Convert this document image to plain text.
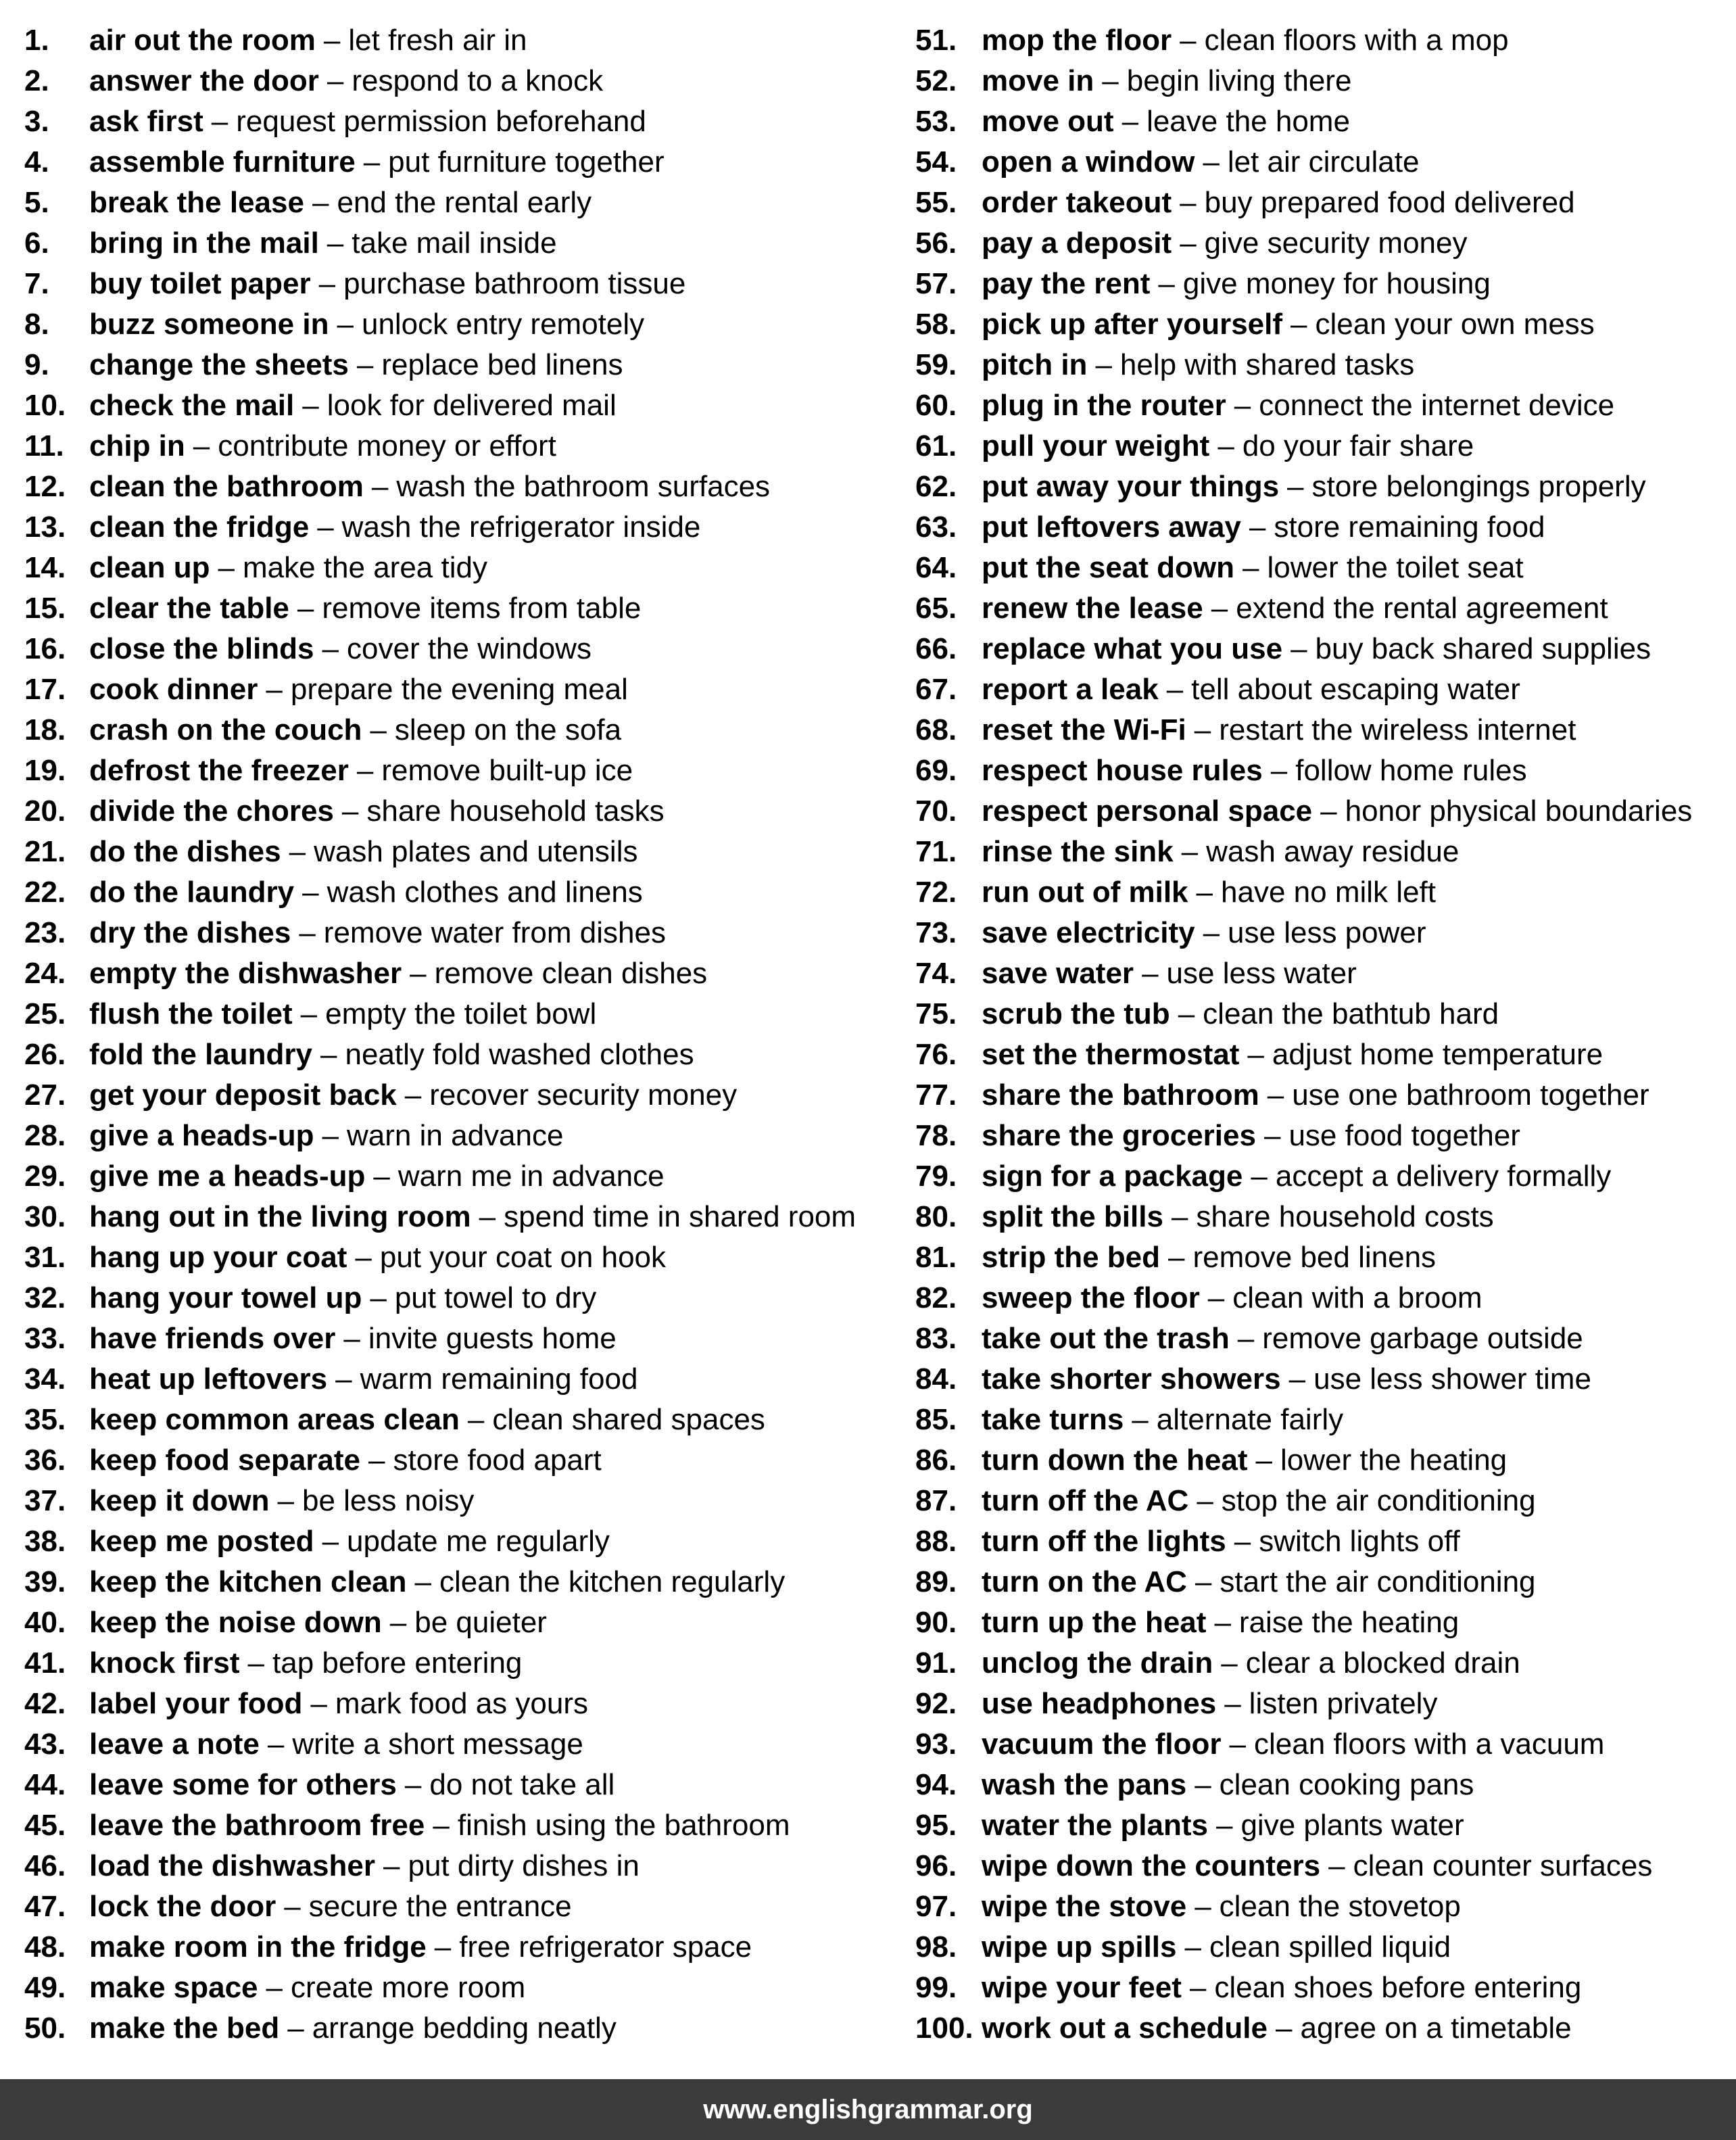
1.	air out the room – let fresh air in
2.	answer the door – respond to a knock
3.	ask first – request permission beforehand
4.	assemble furniture – put furniture together
5.	break the lease – end the rental early
6.	bring in the mail – take mail inside
7.	buy toilet paper – purchase bathroom tissue
8.	buzz someone in – unlock entry remotely
9.	change the sheets – replace bed linens
10. check the mail – look for delivered mail
11. chip in – contribute money or effort
12. clean the bathroom – wash the bathroom surfaces
13. clean the fridge – wash the refrigerator inside
14. clean up – make the area tidy
15. clear the table – remove items from table
16. close the blinds – cover the windows
17. cook dinner – prepare the evening meal
18. crash on the couch – sleep on the sofa
19. defrost the freezer – remove built-up ice
20. divide the chores – share household tasks
21. do the dishes – wash plates and utensils
22. do the laundry – wash clothes and linens
23. dry the dishes – remove water from dishes
24. empty the dishwasher – remove clean dishes
25. flush the toilet – empty the toilet bowl
26. fold the laundry – neatly fold washed clothes
27. get your deposit back – recover security money
28. give a heads-up – warn in advance
29. give me a heads-up – warn me in advance
30. hang out in the living room – spend time in shared room
31. hang up your coat – put your coat on hook
32. hang your towel up – put towel to dry
33. have friends over – invite guests home
34. heat up leftovers – warm remaining food
35. keep common areas clean – clean shared spaces
36. keep food separate – store food apart
37. keep it down – be less noisy
38. keep me posted – update me regularly
39. keep the kitchen clean – clean the kitchen regularly
40. keep the noise down – be quieter
41. knock first – tap before entering
42. label your food – mark food as yours
43. leave a note – write a short message
44. leave some for others – do not take all
45. leave the bathroom free – finish using the bathroom
46. load the dishwasher – put dirty dishes in
47. lock the door – secure the entrance
48. make room in the fridge – free refrigerator space
49. make space – create more room
50. make the bed – arrange bedding neatly
51. mop the floor – clean floors with a mop
52. move in – begin living there
53. move out – leave the home
54. open a window – let air circulate
55. order takeout – buy prepared food delivered
56. pay a deposit – give security money
57. pay the rent – give money for housing
58. pick up after yourself – clean your own mess
59. pitch in – help with shared tasks
60. plug in the router – connect the internet device
61. pull your weight – do your fair share
62. put away your things – store belongings properly
63. put leftovers away – store remaining food
64. put the seat down – lower the toilet seat
65. renew the lease – extend the rental agreement
66. replace what you use – buy back shared supplies
67. report a leak – tell about escaping water
68. reset the Wi-Fi – restart the wireless internet
69. respect house rules – follow home rules
70. respect personal space – honor physical boundaries
71. rinse the sink – wash away residue
72. run out of milk – have no milk left
73. save electricity – use less power
74. save water – use less water
75. scrub the tub – clean the bathtub hard
76. set the thermostat – adjust home temperature
77. share the bathroom – use one bathroom together
78. share the groceries – use food together
79. sign for a package – accept a delivery formally
80. split the bills – share household costs
81. strip the bed – remove bed linens
82. sweep the floor – clean with a broom
83. take out the trash – remove garbage outside
84. take shorter showers – use less shower time
85. take turns – alternate fairly
86. turn down the heat – lower the heating
87. turn off the AC – stop the air conditioning
88. turn off the lights – switch lights off
89. turn on the AC – start the air conditioning
90. turn up the heat – raise the heating
91. unclog the drain – clear a blocked drain
92. use headphones – listen privately
93. vacuum the floor – clean floors with a vacuum
94. wash the pans – clean cooking pans
95. water the plants – give plants water
96. wipe down the counters – clean counter surfaces
97. wipe the stove – clean the stovetop
98. wipe up spills – clean spilled liquid
99. wipe your feet – clean shoes before entering
100. work out a schedule – agree on a timetable
www.englishgrammar.org
